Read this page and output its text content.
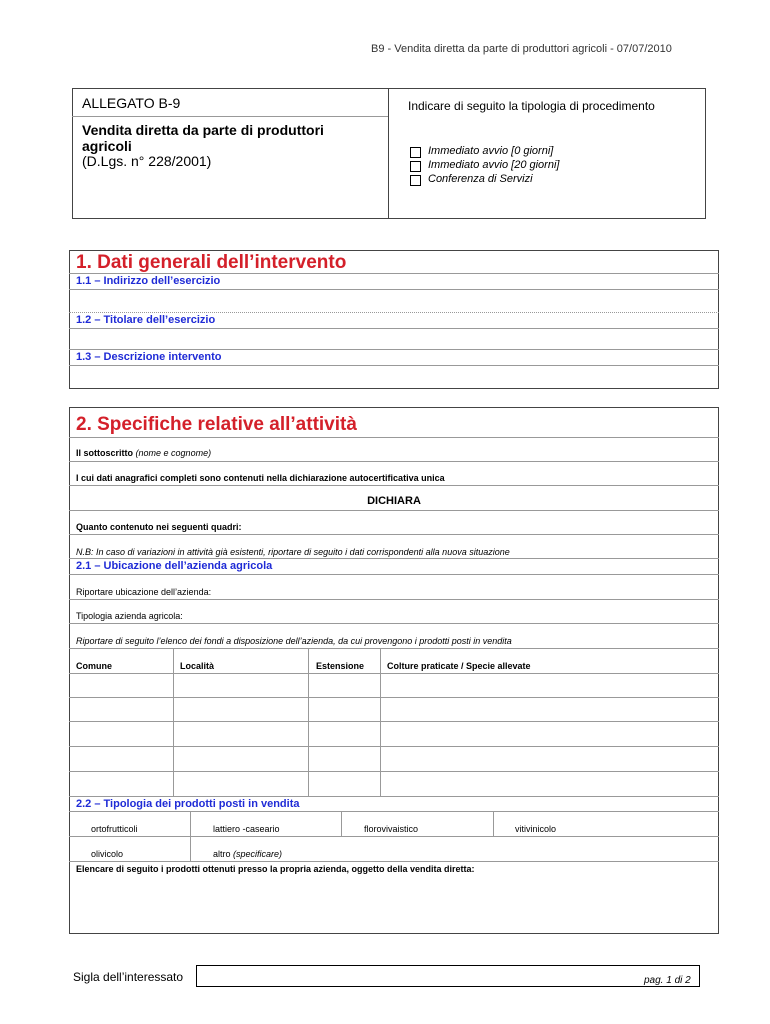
B9 - Vendita diretta da parte di produttori agricoli - 07/07/2010
ALLEGATO B-9
Vendita diretta da parte di produttori
agricoli
(D.Lgs. n° 228/2001)
Indicare di seguito la tipologia di procedimento
Immediato avvio [0 giorni]
Immediato avvio [20 giorni]
Conferenza di Servizi
1. Dati generali dell’intervento
1.1 – Indirizzo dell’esercizio
1.2 – Titolare dell’esercizio
1.3 – Descrizione intervento
2. Specifiche relative all’attività
Il sottoscritto (nome e cognome)
I cui dati anagrafici completi sono contenuti nella dichiarazione autocertificativa unica
DICHIARA
Quanto contenuto nei seguenti quadri:
N.B: In caso di variazioni in attività già esistenti, riportare di seguito i dati corrispondenti alla nuova situazione
2.1 – Ubicazione dell’azienda agricola
Riportare ubicazione dell’azienda:
Tipologia azienda agricola:
Riportare di seguito l’elenco dei fondi a disposizione dell’azienda, da cui provengono i prodotti posti in vendita
Comune	Località	Estensione	Colture praticate / Specie allevate
2.2 – Tipologia dei prodotti posti in vendita
ortofrutticoli	lattiero -caseario	florovivaistico	vitivinicolo
olivicolo	altro (specificare)
Elencare di seguito i prodotti ottenuti presso la propria azienda, oggetto della vendita diretta:
Sigla dell’interessato	pag. 1 di 2
